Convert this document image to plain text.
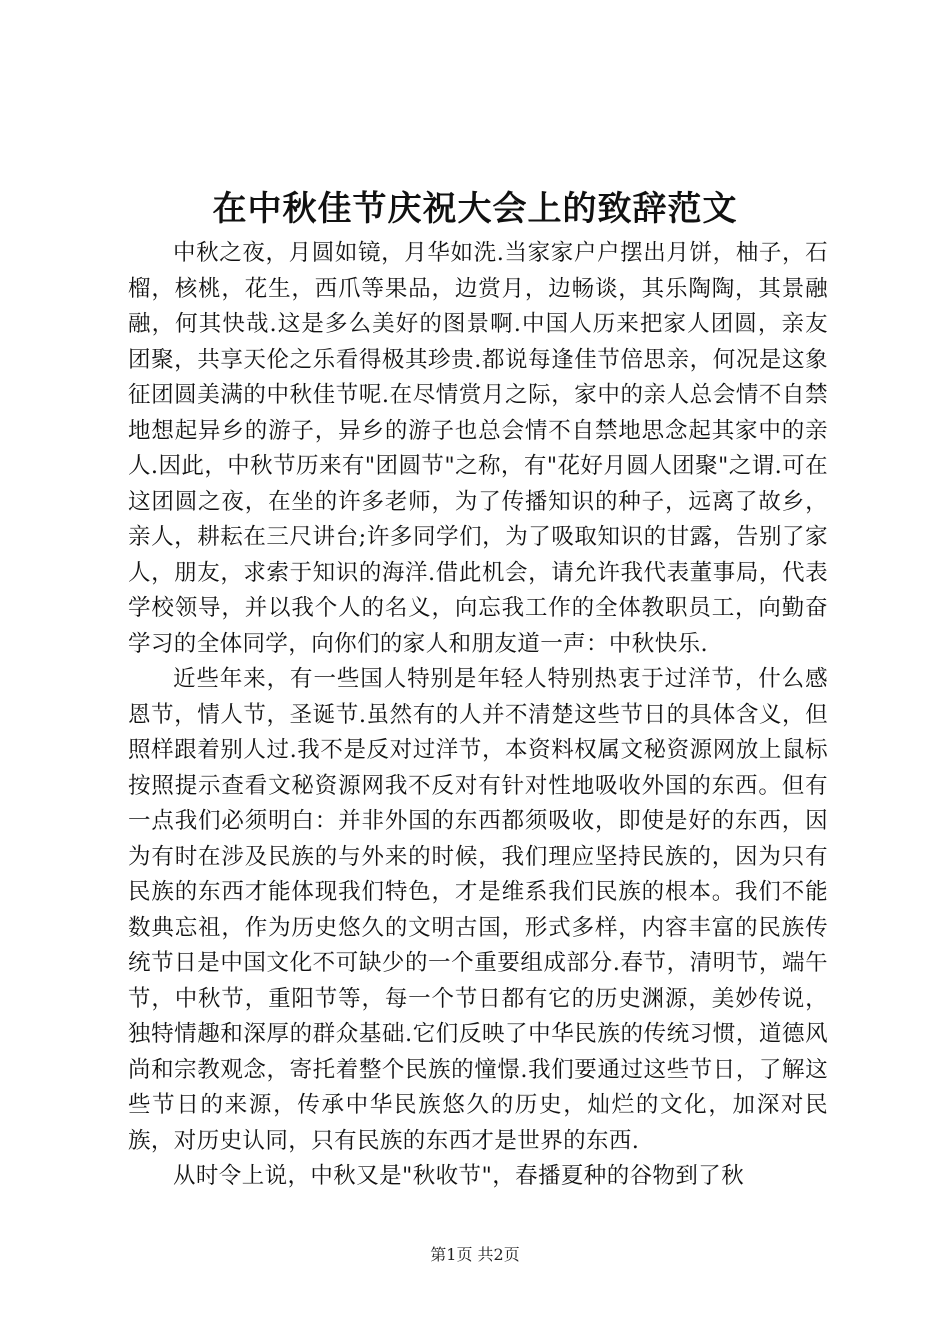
在中秋佳节庆祝大会上的致辞范文

中秋之夜，月圆如镜，月华如洗.当家家户户摆出月饼，柚子，石榴，核桃，花生，西爪等果品，边赏月，边畅谈，其乐陶陶，其景融融，何其快哉.这是多么美好的图景啊.中国人历来把家人团圆，亲友团聚，共享天伦之乐看得极其珍贵.都说每逢佳节倍思亲，何况是这象征团圆美满的中秋佳节呢.在尽情赏月之际，家中的亲人总会情不自禁地想起异乡的游子，异乡的游子也总会情不自禁地思念起其家中的亲人.因此，中秋节历来有"团圆节"之称，有"花好月圆人团聚"之谓.可在这团圆之夜，在坐的许多老师，为了传播知识的种子，远离了故乡，亲人，耕耘在三尺讲台;许多同学们，为了吸取知识的甘露，告别了家人，朋友，求索于知识的海洋.借此机会，请允许我代表董事局，代表学校领导，并以我个人的名义，向忘我工作的全体教职员工，向勤奋学习的全体同学，向你们的家人和朋友道一声：中秋快乐.

近些年来，有一些国人特别是年轻人特别热衷于过洋节，什么感恩节，情人节，圣诞节.虽然有的人并不清楚这些节日的具体含义，但照样跟着别人过.我不是反对过洋节，本资料权属文秘资源网放上鼠标按照提示查看文秘资源网我不反对有针对性地吸收外国的东西。但有一点我们必须明白：并非外国的东西都须吸收，即使是好的东西，因为有时在涉及民族的与外来的时候，我们理应坚持民族的，因为只有民族的东西才能体现我们特色，才是维系我们民族的根本。我们不能数典忘祖，作为历史悠久的文明古国，形式多样，内容丰富的民族传统节日是中国文化不可缺少的一个重要组成部分.春节，清明节，端午节，中秋节，重阳节等，每一个节日都有它的历史渊源，美妙传说，独特情趣和深厚的群众基础.它们反映了中华民族的传统习惯，道德风尚和宗教观念，寄托着整个民族的憧憬.我们要通过这些节日，了解这些节日的来源，传承中华民族悠久的历史，灿烂的文化，加深对民族，对历史认同，只有民族的东西才是世界的东西.

从时令上说，中秋又是"秋收节"，春播夏种的谷物到了秋

第1页 共2页
